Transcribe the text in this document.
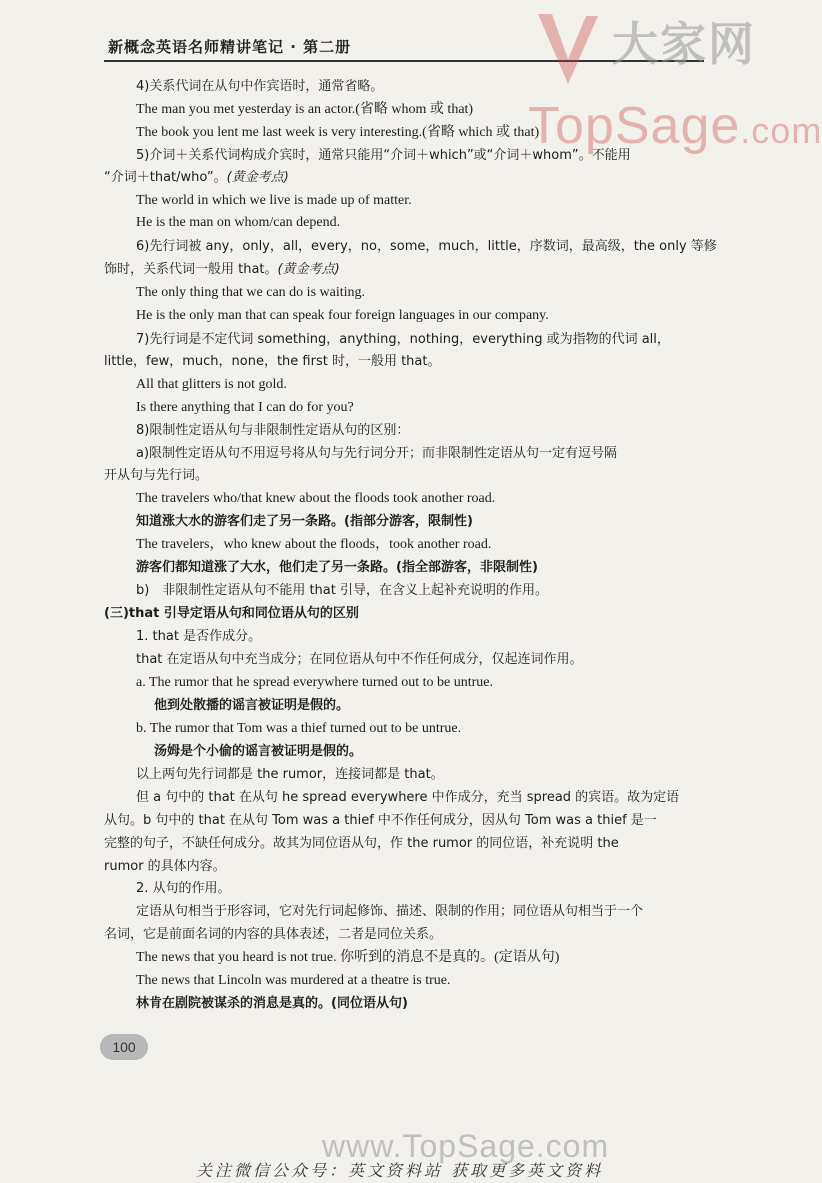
新概念英语名师精讲笔记 · 第二册	大家网
TopSage.com
4)关系代词在从句中作宾语时，通常省略。
The man you met yesterday is an actor.(省略 whom 或 that)
The book you lent me last week is very interesting.(省略 which 或 that)
5)介词＋关系代词构成介宾时，通常只能用“介词＋which”或“介词＋whom”。不能用
“介词＋that/who”。(黄金考点)
The world in which we live is made up of matter.
He is the man on whom/can depend.
6)先行词被 any，only，all，every，no，some，much，little，序数词，最高级，the only 等修
饰时，关系代词一般用 that。(黄金考点)
The only thing that we can do is waiting.
He is the only man that can speak four foreign languages in our company.
7)先行词是不定代词 something，anything，nothing，everything 或为指物的代词 all，
little，few，much，none，the first 时，一般用 that。
All that glitters is not gold.
Is there anything that I can do for you?
8)限制性定语从句与非限制性定语从句的区别：
a)限制性定语从句不用逗号将从句与先行词分开；而非限制性定语从句一定有逗号隔
开从句与先行词。
The travelers who/that knew about the floods took another road.
知道涨大水的游客们走了另一条路。(指部分游客，限制性)
The travelers，who knew about the floods，took another road.
游客们都知道涨了大水，他们走了另一条路。(指全部游客，非限制性)
b)　非限制性定语从句不能用 that 引导，在含义上起补充说明的作用。
(三)that 引导定语从句和同位语从句的区别
1. that 是否作成分。
that 在定语从句中充当成分；在同位语从句中不作任何成分，仅起连词作用。
a. The rumor that he spread everywhere turned out to be untrue.
他到处散播的谣言被证明是假的。
b. The rumor that Tom was a thief turned out to be untrue.
汤姆是个小偷的谣言被证明是假的。
以上两句先行词都是 the rumor，连接词都是 that。
但 a 句中的 that 在从句 he spread everywhere 中作成分，充当 spread 的宾语。故为定语
从句。b 句中的 that 在从句 Tom was a thief 中不作任何成分，因从句 Tom was a thief 是一
完整的句子，不缺任何成分。故其为同位语从句，作 the rumor 的同位语，补充说明 the
rumor 的具体内容。
2. 从句的作用。
定语从句相当于形容词，它对先行词起修饰、描述、限制的作用；同位语从句相当于一个
名词，它是前面名词的内容的具体表述，二者是同位关系。
The news that you heard is not true. 你听到的消息不是真的。(定语从句)
The news that Lincoln was murdered at a theatre is true.
林肯在剧院被谋杀的消息是真的。(同位语从句)
100
www.TopSage.com
关注微信公众号：英文资料站 获取更多英文资料
